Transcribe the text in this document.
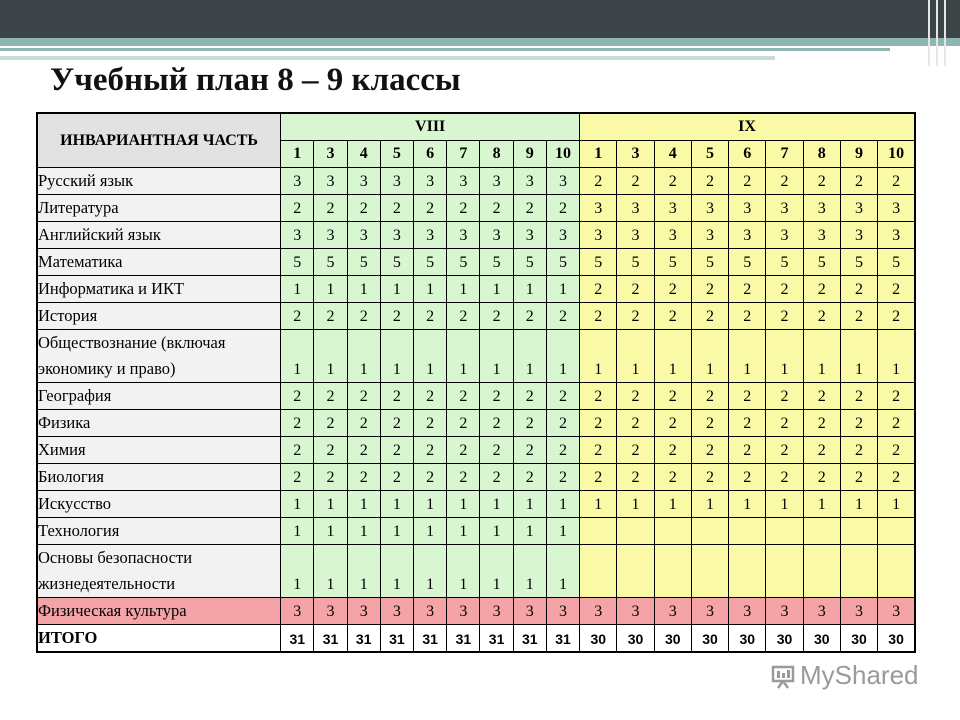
Учебный план 8 – 9 классы
ИНВАРИАНТНАЯ ЧАСТЬ	VIII									IX								
	1	3	4	5	6	7	8	9	10	1	3	4	5	6	7	8	9	10
Русский язык	3	3	3	3	3	3	3	3	3	2	2	2	2	2	2	2	2	2
Литература	2	2	2	2	2	2	2	2	2	3	3	3	3	3	3	3	3	3
Английский язык	3	3	3	3	3	3	3	3	3	3	3	3	3	3	3	3	3	3
Математика	5	5	5	5	5	5	5	5	5	5	5	5	5	5	5	5	5	5
Информатика и ИКТ	1	1	1	1	1	1	1	1	1	2	2	2	2	2	2	2	2	2
История	2	2	2	2	2	2	2	2	2	2	2	2	2	2	2	2	2	2
Обществознание (включая экономику и право)	1	1	1	1	1	1	1	1	1	1	1	1	1	1	1	1	1	1
География	2	2	2	2	2	2	2	2	2	2	2	2	2	2	2	2	2	2
Физика	2	2	2	2	2	2	2	2	2	2	2	2	2	2	2	2	2	2
Химия	2	2	2	2	2	2	2	2	2	2	2	2	2	2	2	2	2	2
Биология	2	2	2	2	2	2	2	2	2	2	2	2	2	2	2	2	2	2
Искусство	1	1	1	1	1	1	1	1	1	1	1	1	1	1	1	1	1	1
Технология	1	1	1	1	1	1	1	1	1									
Основы безопасности жизнедеятельности	1	1	1	1	1	1	1	1	1									
Физическая культура	3	3	3	3	3	3	3	3	3	3	3	3	3	3	3	3	3	3
ИТОГО	31	31	31	31	31	31	31	31	31	30	30	30	30	30	30	30	30	30
MyShared
